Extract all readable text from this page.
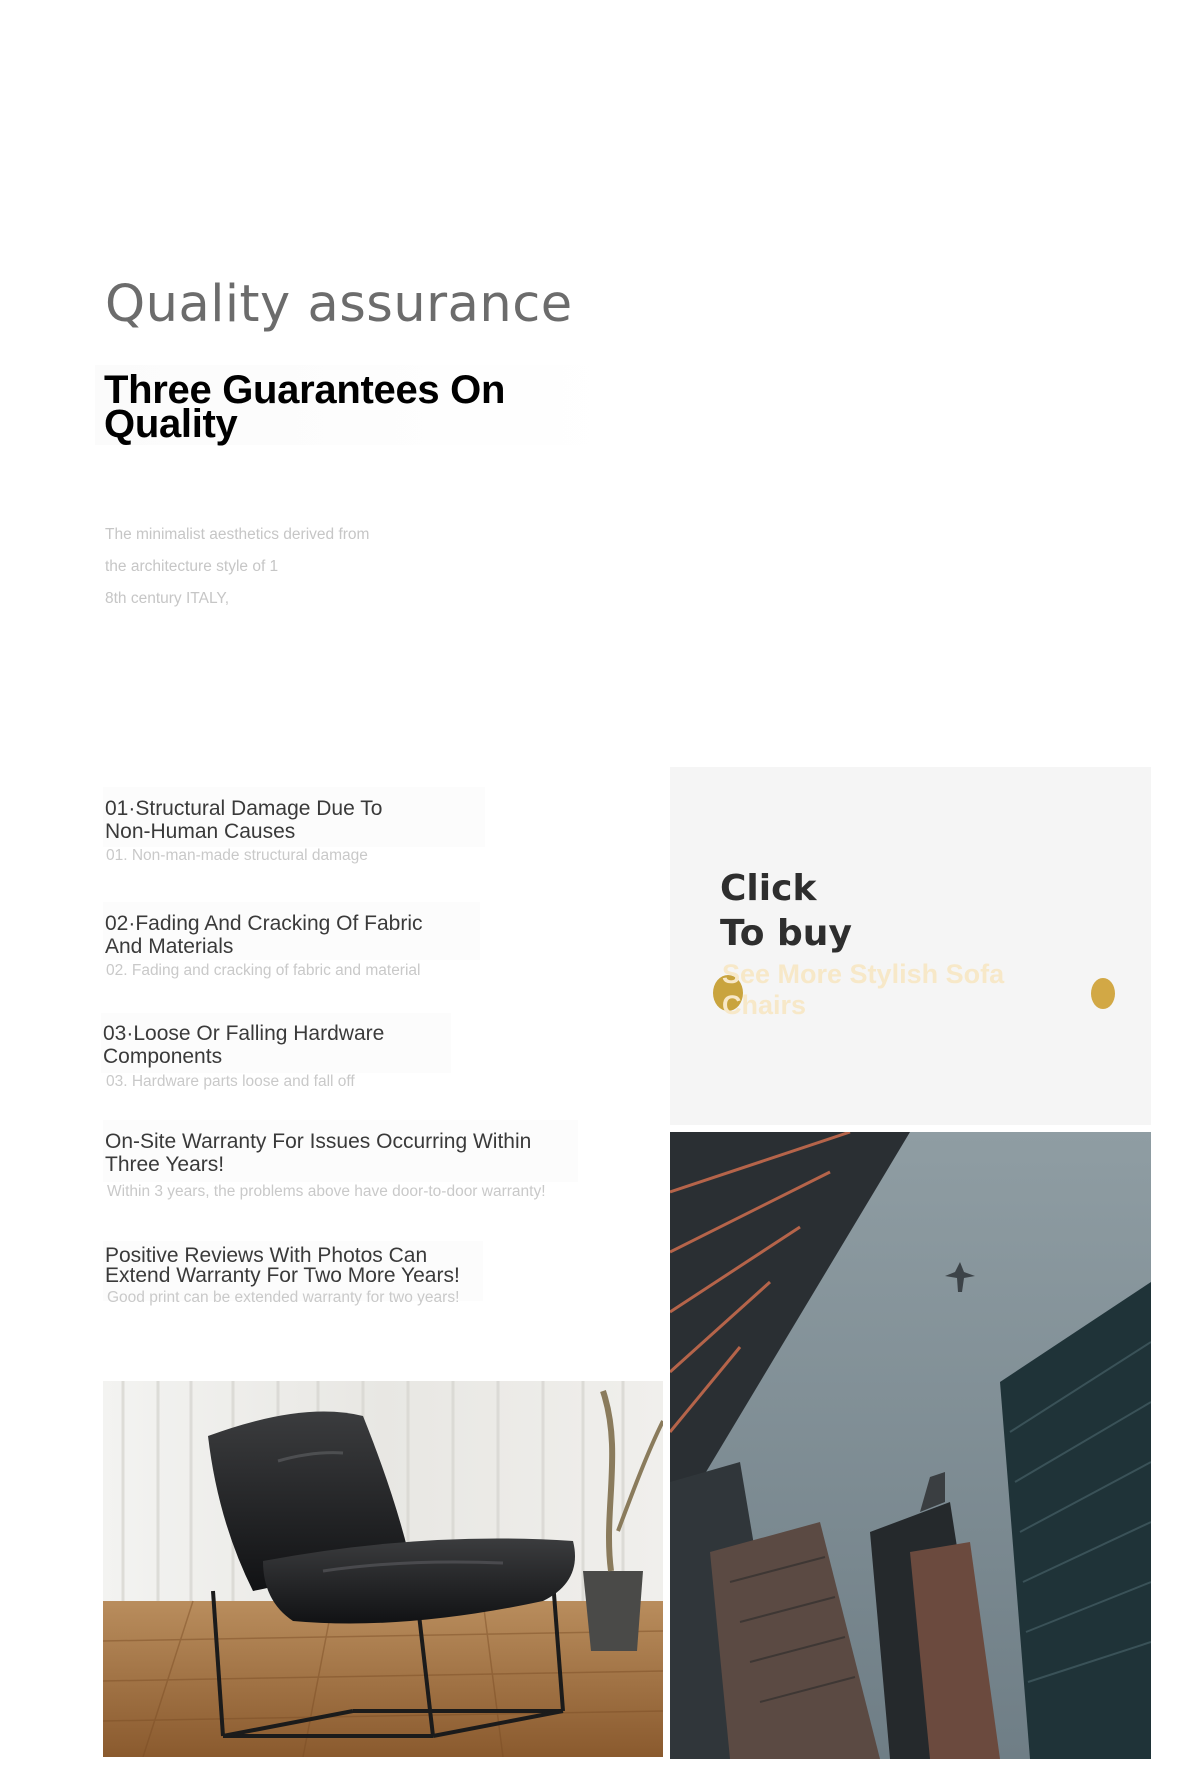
Quality assurance
Three Guarantees On
Quality
The minimalist aesthetics derived from
the architecture style of 1
8th century ITALY,
01·Structural Damage Due To
Non-Human Causes
01. Non-man-made structural damage
02·Fading And Cracking Of Fabric
And Materials
02. Fading and cracking of fabric and material
03·Loose Or Falling Hardware
Components
03. Hardware parts loose and fall off
On-Site Warranty For Issues Occurring Within
Three Years!
Within 3 years, the problems above have door-to-door warranty!
Positive Reviews With Photos Can
Extend Warranty For Two More Years!
Good print can be extended warranty for two years!
Click
To buy
See More Stylish Sofa Chairs
